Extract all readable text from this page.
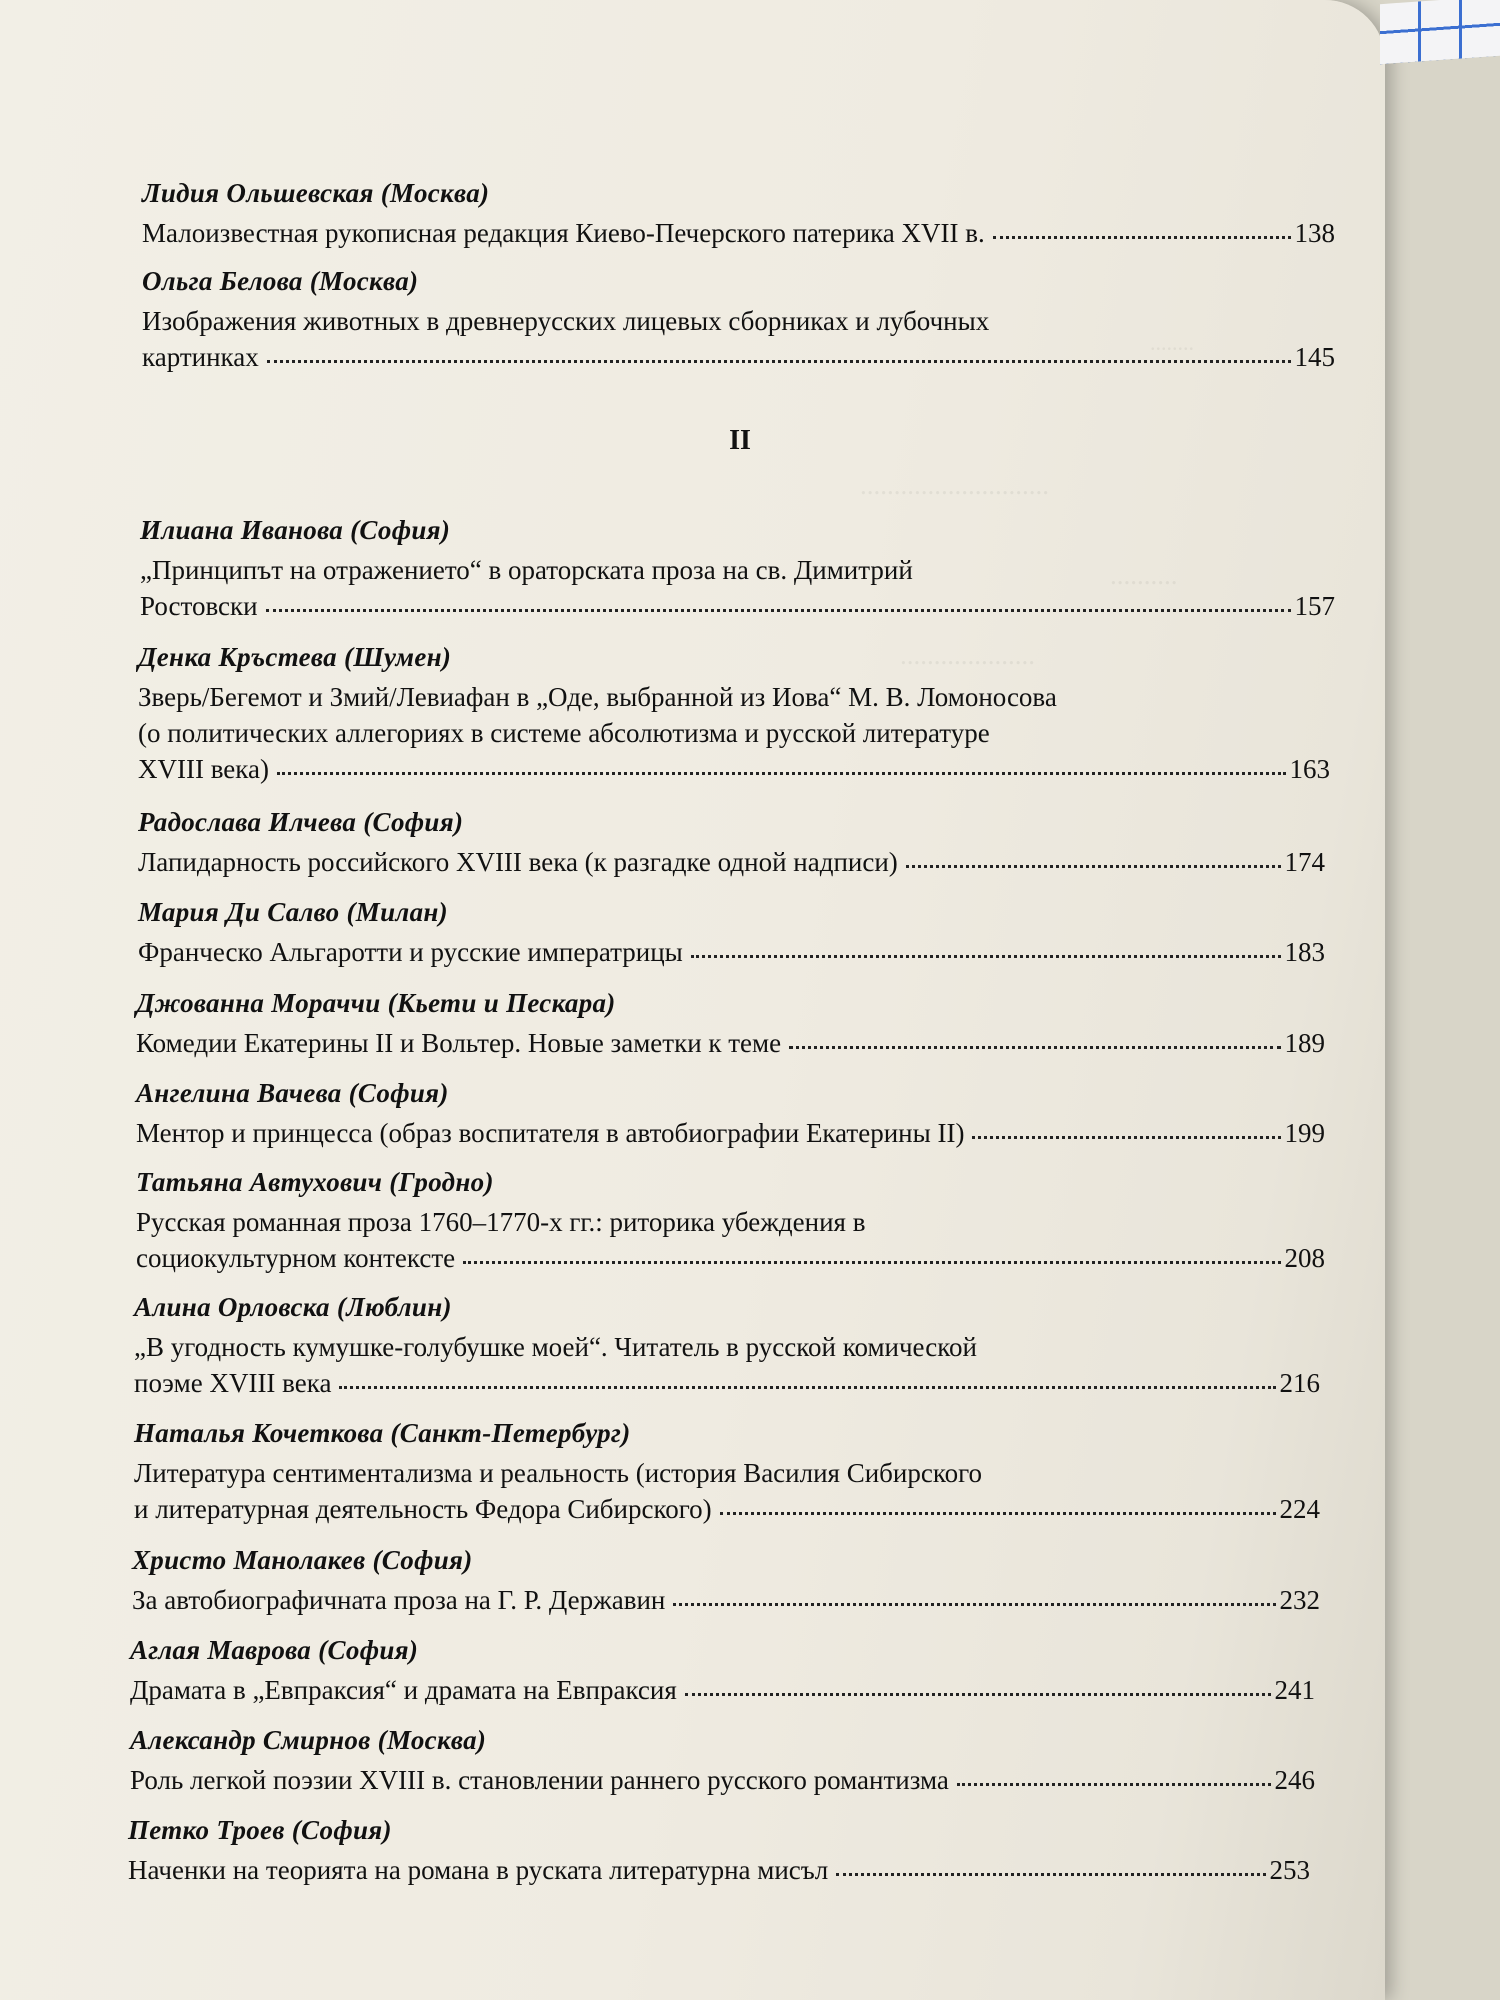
........
............................
..........
....................
II
Лидия Ольшевская (Москва)
Малоизвестная рукописная редакция Киево-Печерского патерика XVII в.	138
Ольга Белова (Москва)
Изображения животных в древнерусских лицевых сборниках и лубочных
картинках	145
Илиана Иванова (София)
„Принципът на отражението“ в ораторската проза на св. Димитрий
Ростовски	157
Денка Кръстева (Шумен)
Зверь/Бегемот и Змий/Левиафан в „Оде, выбранной из Иова“ М. В. Ломоносова
(о политических аллегориях в системе абсолютизма и русской литературе
XVIII века)	163
Радослава Илчева (София)
Лапидарность российского XVIII века (к разгадке одной надписи)	174
Мария Ди Салво (Милан)
Франческо Альгаротти и русские императрицы	183
Джованна Мораччи (Кьети и Пескара)
Комедии Екатерины II и Вольтер. Новые заметки к теме	189
Ангелина Вачева (София)
Ментор и принцесса (образ воспитателя в автобиографии Екатерины II)	199
Татьяна Автухович (Гродно)
Русская романная проза 1760–1770-х гг.: риторика убеждения в
социокультурном контексте	208
Алина Орловска (Люблин)
„В угодность кумушке-голубушке моей“. Читатель в русской комической
поэме XVIII века	216
Наталья Кочеткова (Санкт-Петербург)
Литература сентиментализма и реальность (история Василия Сибирского
и литературная деятельность Федора Сибирского)	224
Христо Манолакев (София)
За автобиографичната проза на Г. Р. Державин	232
Аглая Маврова (София)
Драмата в „Евпраксия“ и драмата на Евпраксия	241
Александр Смирнов (Москва)
Роль легкой поэзии XVIII в. становлении раннего русского романтизма	246
Петко Троев (София)
Наченки на теорията на романа в руската литературна мисъл	253
